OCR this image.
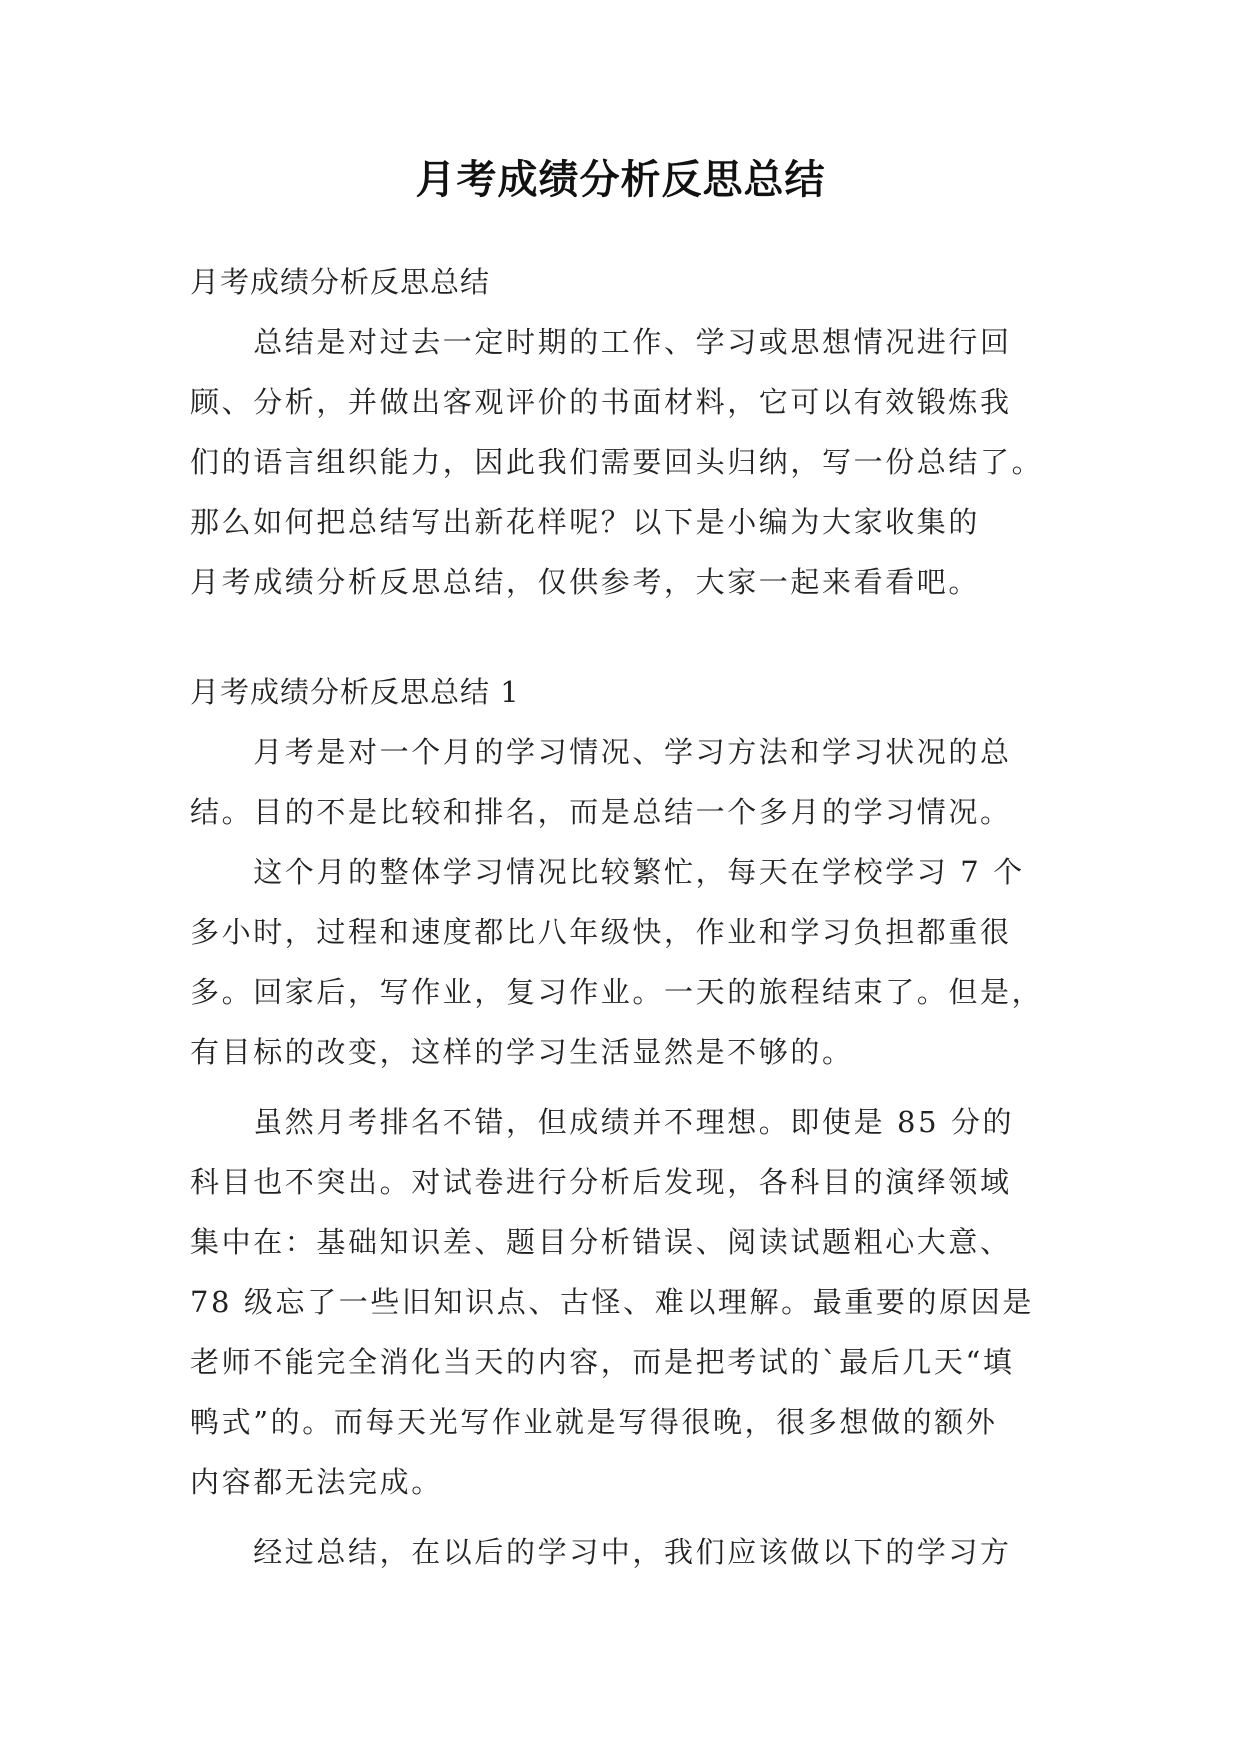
月考成绩分析反思总结
月考成绩分析反思总结
　　总结是对过去一定时期的工作、学习或思想情况进行回
顾、分析，并做出客观评价的书面材料，它可以有效锻炼我
们的语言组织能力，因此我们需要回头归纳，写一份总结了。
那么如何把总结写出新花样呢？以下是小编为大家收集的
月考成绩分析反思总结，仅供参考，大家一起来看看吧。
月考成绩分析反思总结 1
　　月考是对一个月的学习情况、学习方法和学习状况的总
结。目的不是比较和排名，而是总结一个多月的学习情况。
　　这个月的整体学习情况比较繁忙，每天在学校学习 7 个
多小时，过程和速度都比八年级快，作业和学习负担都重很
多。回家后，写作业，复习作业。一天的旅程结束了。但是，
有目标的改变，这样的学习生活显然是不够的。
　　虽然月考排名不错，但成绩并不理想。即使是 85 分的
科目也不突出。对试卷进行分析后发现，各科目的演绎领域
集中在：基础知识差、题目分析错误、阅读试题粗心大意、
78 级忘了一些旧知识点、古怪、难以理解。最重要的原因是
老师不能完全消化当天的内容，而是把考试的`最后几天“填
鸭式”的。而每天光写作业就是写得很晚，很多想做的额外
内容都无法完成。
　　经过总结，在以后的学习中，我们应该做以下的学习方
